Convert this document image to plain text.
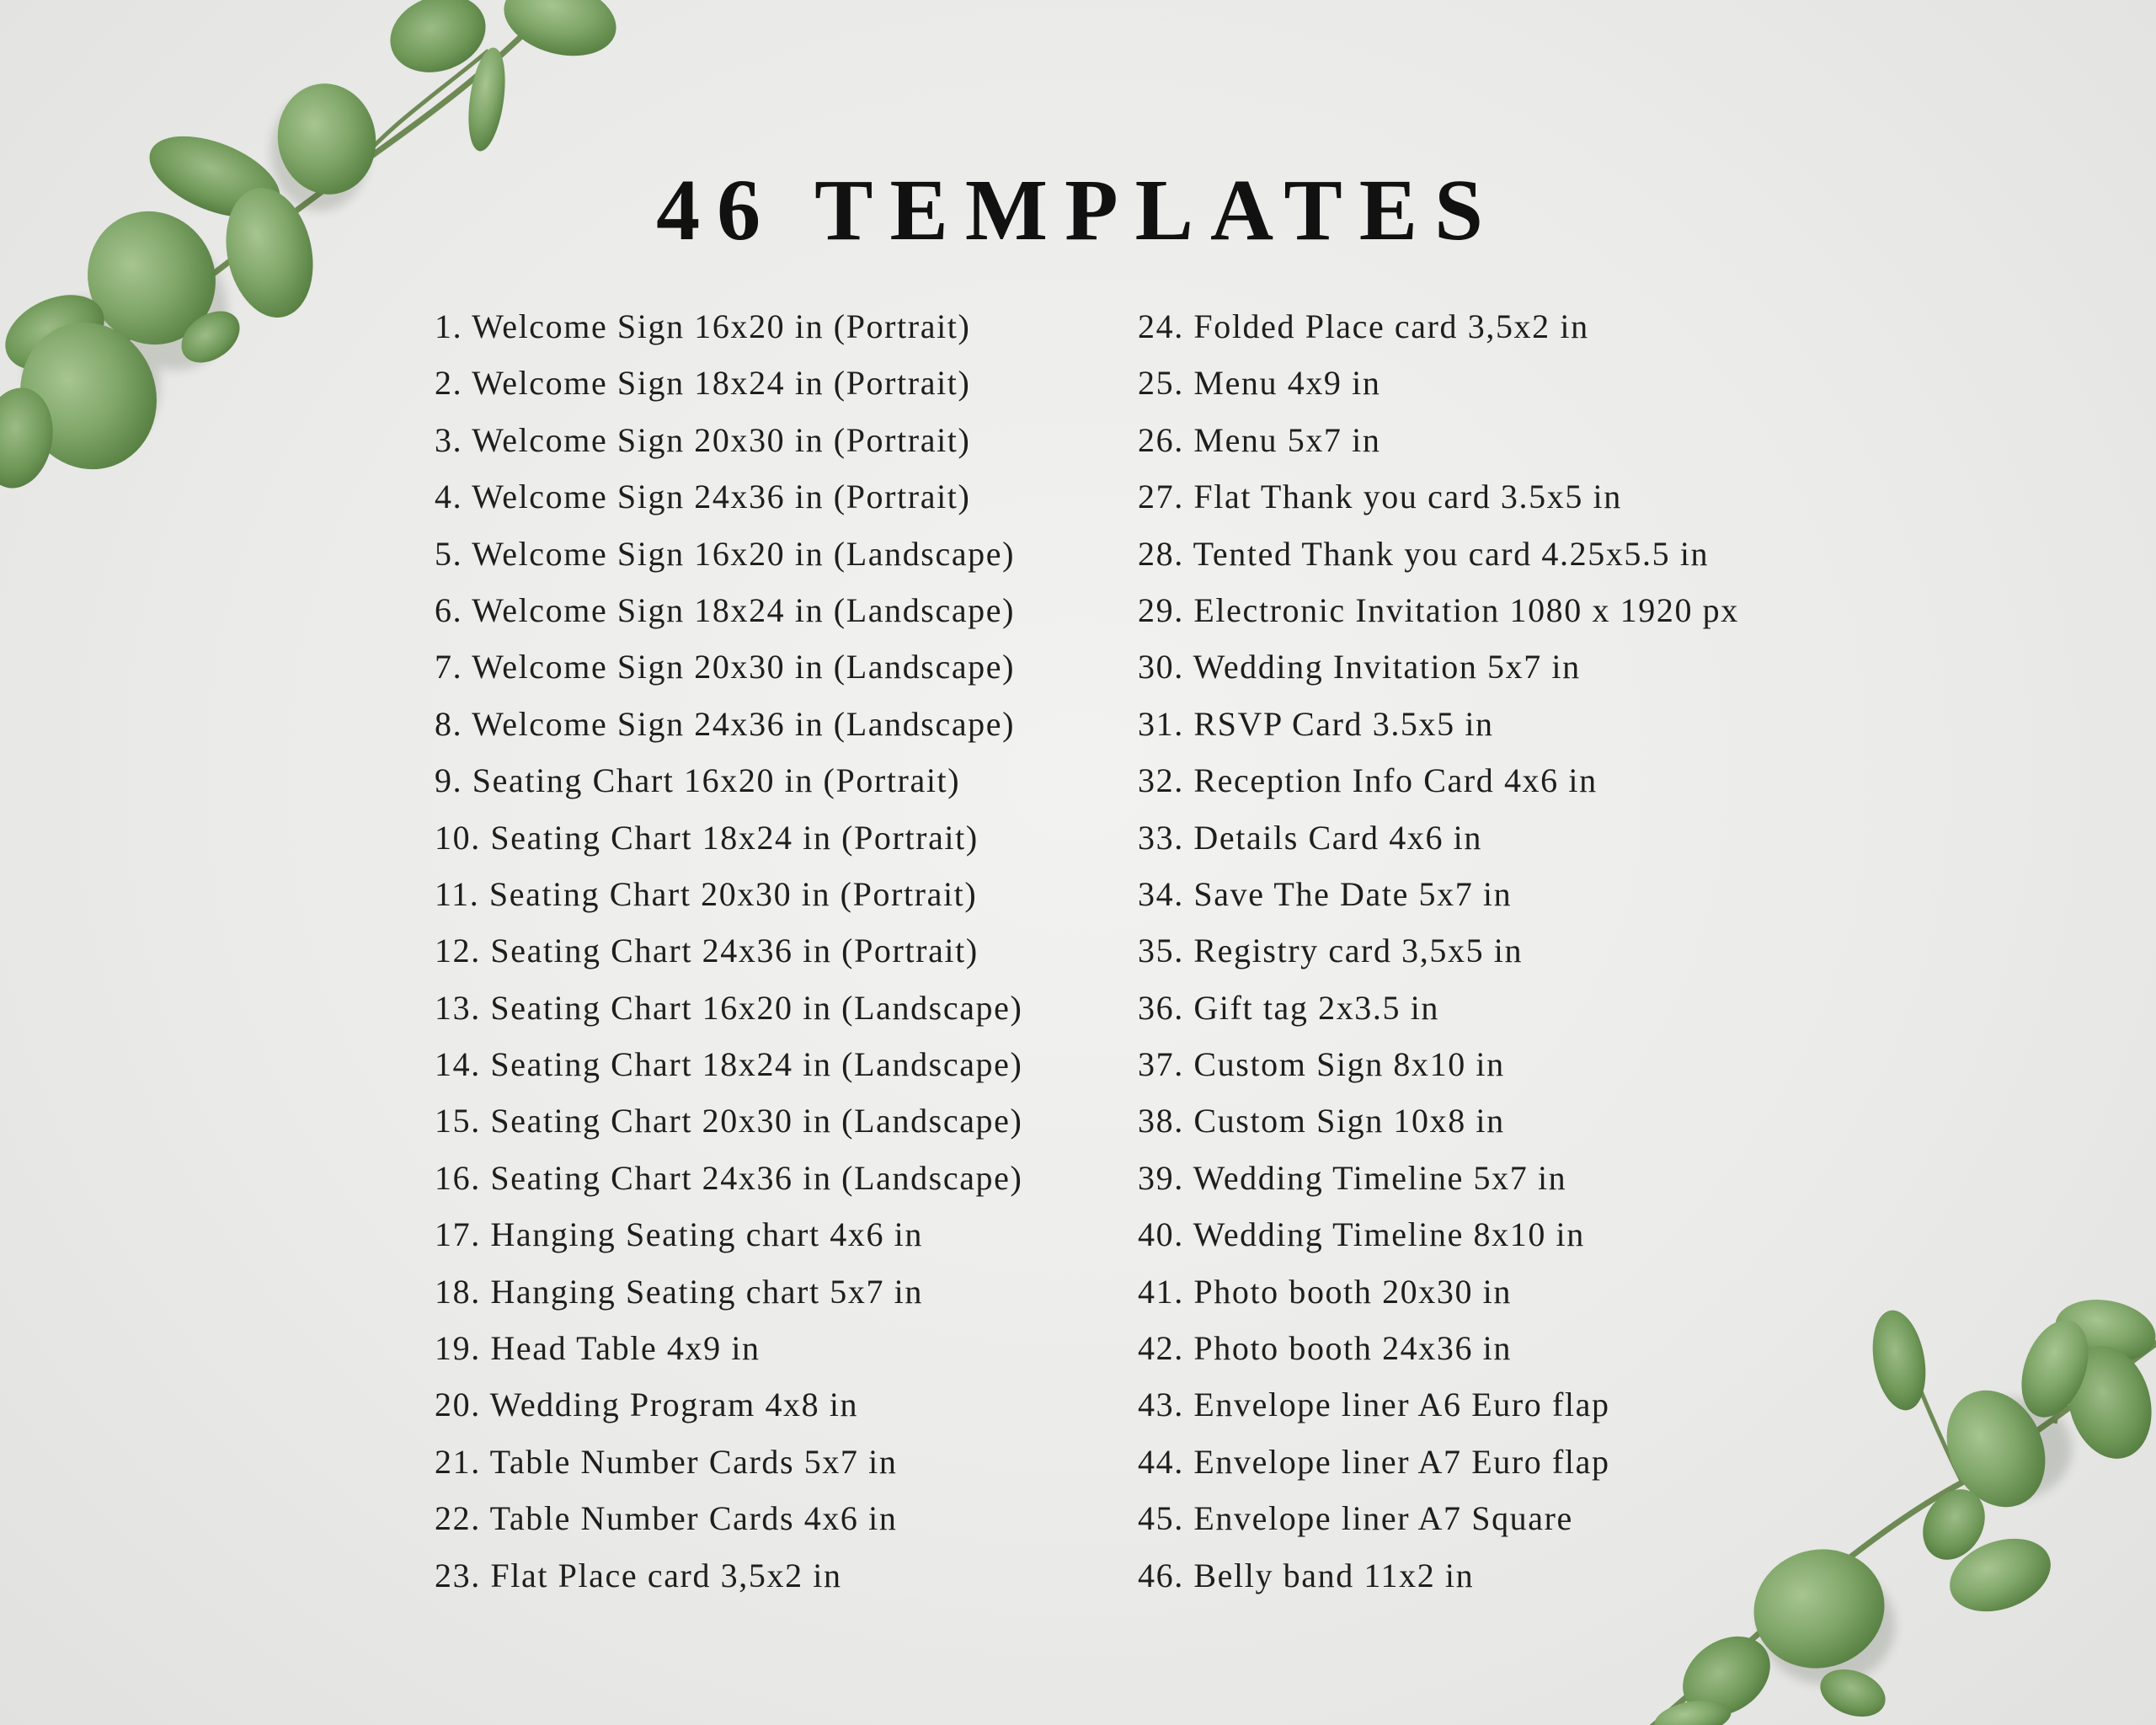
46 TEMPLATES
1. Welcome Sign 16x20 in (Portrait)
2. Welcome Sign 18x24 in (Portrait)
3. Welcome Sign 20x30 in (Portrait)
4. Welcome Sign 24x36 in (Portrait)
5. Welcome Sign 16x20 in (Landscape)
6. Welcome Sign 18x24 in (Landscape)
7. Welcome Sign 20x30 in (Landscape)
8. Welcome Sign 24x36 in (Landscape)
9. Seating Chart 16x20 in (Portrait)
10. Seating Chart 18x24 in (Portrait)
11. Seating Chart 20x30 in (Portrait)
12. Seating Chart 24x36 in (Portrait)
13. Seating Chart 16x20 in (Landscape)
14. Seating Chart 18x24 in (Landscape)
15. Seating Chart 20x30 in (Landscape)
16. Seating Chart 24x36 in (Landscape)
17. Hanging Seating chart 4x6 in
18. Hanging Seating chart 5x7 in
19. Head Table 4x9 in
20. Wedding Program 4x8 in
21. Table Number Cards 5x7 in
22. Table Number Cards 4x6 in
23. Flat Place card 3,5x2 in
24. Folded Place card 3,5x2 in
25. Menu 4x9 in
26. Menu 5x7 in
27. Flat Thank you card 3.5x5 in
28. Tented Thank you card 4.25x5.5 in
29. Electronic Invitation 1080 x 1920 px
30. Wedding Invitation 5x7 in
31. RSVP Card 3.5x5 in
32. Reception Info Card 4x6 in
33. Details Card 4x6 in
34. Save The Date 5x7 in
35. Registry card 3,5x5 in
36. Gift tag 2x3.5 in
37. Custom Sign 8x10 in
38. Custom Sign 10x8 in
39. Wedding Timeline 5x7 in
40. Wedding Timeline 8x10 in
41. Photo booth 20x30 in
42. Photo booth 24x36 in
43. Envelope liner A6 Euro flap
44. Envelope liner A7 Euro flap
45. Envelope liner A7 Square
46. Belly band 11x2 in
